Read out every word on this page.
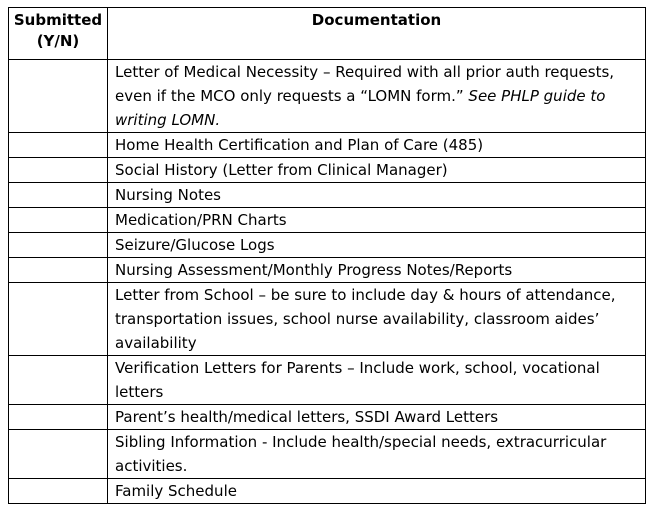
Submitted
(Y/N)	Documentation
	Letter of Medical Necessity – Required with all prior auth requests, even if the MCO only requests a “LOMN form.” See PHLP guide to writing LOMN.
	Home Health Certification and Plan of Care (485)
	Social History (Letter from Clinical Manager)
	Nursing Notes
	Medication/PRN Charts
	Seizure/Glucose Logs
	Nursing Assessment/Monthly Progress Notes/Reports
	Letter from School – be sure to include day & hours of attendance, transportation issues, school nurse availability, classroom aides’ availability
	Verification Letters for Parents – Include work, school, vocational letters
	Parent’s health/medical letters, SSDI Award Letters
	Sibling Information - Include health/special needs, extracurricular activities.
	Family Schedule
